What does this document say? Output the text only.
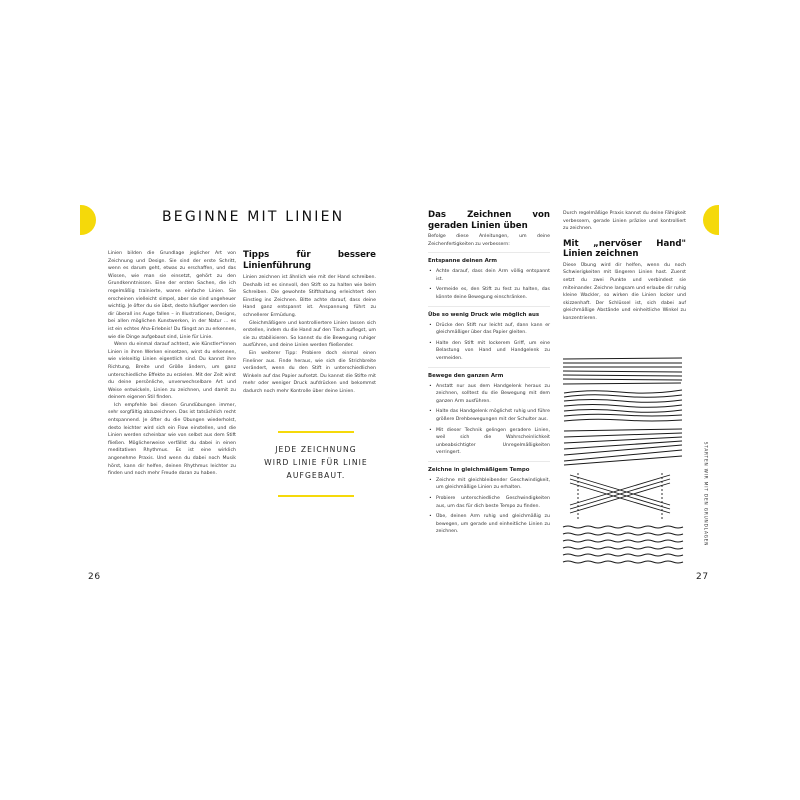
BEGINNE MIT LINIEN

Linien bilden die Grundlage jeglicher Art von Zeichnung und Design. Sie sind der erste Schritt, wenn es darum geht, etwas zu erschaffen, und das Wissen, wie man sie einsetzt, gehört zu den Grundkenntnissen. Eine der ersten Sachen, die ich regelmäßig trainierte, waren einfache Linien. Sie erscheinen vielleicht simpel, aber sie sind ungeheuer wichtig. Je öfter du sie übst, desto häufiger werden sie dir überall ins Auge fallen – in Illustrationen, Designs, bei allen möglichen Kunstwerken, in der Natur ... es ist ein echtes Aha-Erlebnis! Du fängst an zu erkennen, wie die Dinge aufgebaut sind, Linie für Linie.

Wenn du einmal darauf achtest, wie Künstler*innen Linien in ihren Werken einsetzen, wirst du erkennen, wie vielseitig Linien eigentlich sind. Du kannst ihre Richtung, Breite und Größe ändern, um ganz unterschiedliche Effekte zu erzielen. Mit der Zeit wirst du deine persönliche, unverwechselbare Art und Weise entwickeln, Linien zu zeichnen, und damit zu deinem eigenen Stil finden.

Ich empfehle bei diesen Grundübungen immer, sehr sorgfältig abzuzeichnen. Das ist tatsächlich recht entspannend. Je öfter du die Übungen wiederholst, desto leichter wird sich ein Flow einstellen, und die Linien werden scheinbar wie von selbst aus dem Stift fließen. Möglicherweise verfällst du dabei in einen meditativen Rhythmus. Es ist eine wirklich angenehme Praxis. Und wenn du dabei noch Musik hörst, kann dir helfen, deinen Rhythmus leichter zu finden und noch mehr Freude daran zu haben.

Tipps für bessere Linienführung

Linien zeichnen ist ähnlich wie mit der Hand schreiben. Deshalb ist es sinnvoll, den Stift so zu halten wie beim Schreiben. Die gewohnte Stifthaltung erleichtert den Einstieg ins Zeichnen. Bitte achte darauf, dass deine Hand ganz entspannt ist. Anspannung führt zu schnellerer Ermüdung.

Gleichmäßigere und kontrolliertere Linien lassen sich erstellen, indem du die Hand auf den Tisch auflegst, um sie zu stabilisieren. So kannst du die Bewegung ruhiger ausführen, und deine Linien werden fließender.

Ein weiterer Tipp: Probiere doch einmal einen Fineliner aus. Finde heraus, wie sich die Strichbreite verändert, wenn du den Stift in unterschiedlichen Winkeln auf das Papier aufsetzt. Du kannst die Stifte mit mehr oder weniger Druck aufdrücken und bekommst dadurch noch mehr Kontrolle über deine Linien.

JEDE ZEICHNUNG
WIRD LINIE FÜR LINIE
AUFGEBAUT.
26
Das Zeichnen von geraden Linien üben

Befolge diese Anleitungen, um deine Zeichenfertigkeiten zu verbessern:

Entspanne deinen Arm
• Achte darauf, dass dein Arm völlig entspannt ist.
• Vermeide es, den Stift zu fest zu halten, das könnte deine Bewegung einschränken.
Übe so wenig Druck wie möglich aus
• Drücke den Stift nur leicht auf, dann kann er gleichmäßiger über das Papier gleiten.
• Halte den Stift mit lockerem Griff, um eine Belastung von Hand und Handgelenk zu vermeiden.
Bewege den ganzen Arm
• Anstatt nur aus dem Handgelenk heraus zu zeichnen, solltest du die Bewegung mit dem ganzen Arm ausführen.
• Halte das Handgelenk möglichst ruhig und führe größere Drehbewegungen mit der Schulter aus.
• Mit dieser Technik gelingen geradere Linien, weil sich die Wahrscheinlichkeit unbeabsichtigter Unregelmäßigkeiten verringert.
Zeichne in gleichmäßigem Tempo
• Zeichne mit gleichbleibender Geschwindigkeit, um gleichmäßige Linien zu erhalten.
• Probiere unterschiedliche Geschwindigkeiten aus, um das für dich beste Tempo zu finden.
• Übe, deinen Arm ruhig und gleichmäßig zu bewegen, um gerade und einheitliche Linien zu zeichnen.

Durch regelmäßige Praxis kannst du deine Fähigkeit verbessern, gerade Linien präzise und kontrolliert zu zeichnen.

Mit „nervöser Hand" Linien zeichnen

Diese Übung wird dir helfen, wenn du noch Schwierigkeiten mit längeren Linien hast. Zuerst setzt du zwei Punkte und verbindest sie miteinander. Zeichne langsam und erlaube dir ruhig kleine Wackler, so wirken die Linien locker und skizzenhaft. Der Schlüssel ist, sich dabei auf gleichmäßige Abstände und einheitliche Winkel zu konzentrieren.

STARTEN WIR MIT DEN GRUNDLAGEN
27
